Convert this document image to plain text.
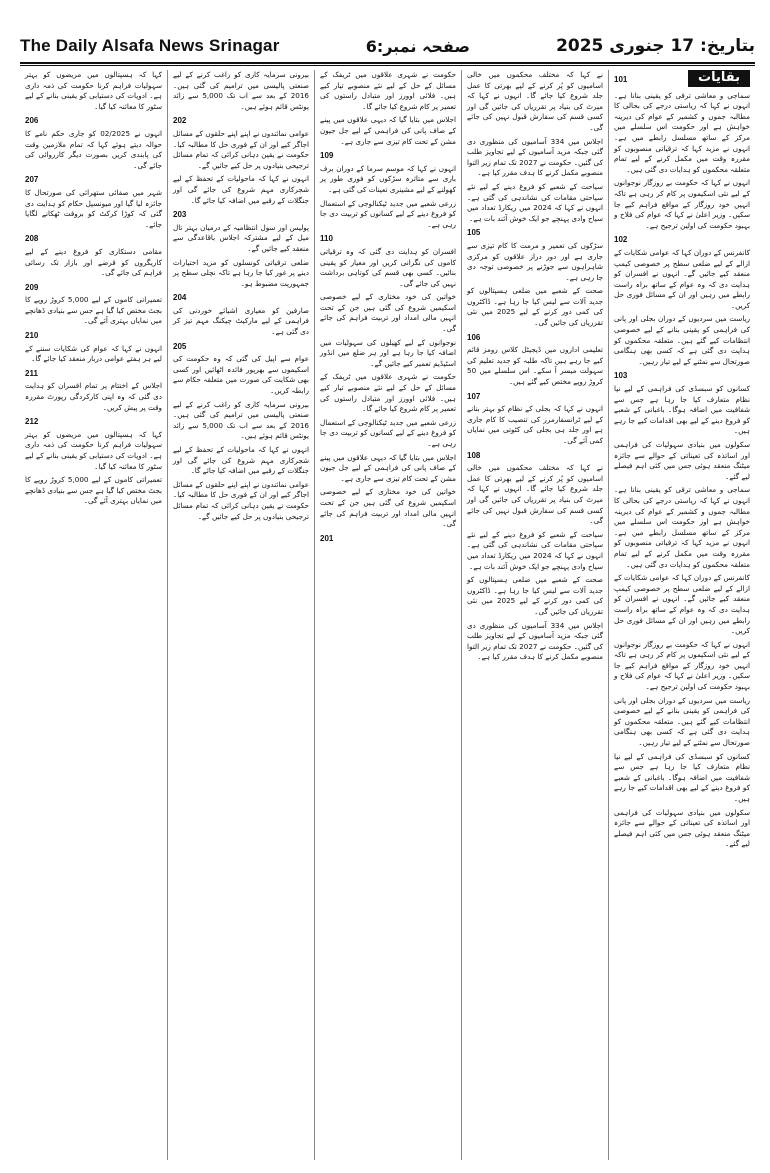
The Daily Alsafa News Srinagar	صفحہ نمبر:6	بتاریخ: 17 جنوری 2025
بقایات
101

سماجی و معاشی ترقی کو یقینی بنانا ہے۔ انہوں نے کہا کہ ریاستی درجے کی بحالی کا مطالبہ جموں و کشمیر کے عوام کی دیرینہ خواہش ہے اور حکومت اس سلسلے میں مرکز کے ساتھ مسلسل رابطے میں ہے۔ انہوں نے مزید کہا کہ ترقیاتی منصوبوں کو مقررہ وقت میں مکمل کرنے کے لیے تمام متعلقہ محکموں کو ہدایات دی گئی ہیں۔

انہوں نے کہا کہ حکومت بے روزگار نوجوانوں کے لیے نئی اسکیموں پر کام کر رہی ہے تاکہ انہیں خود روزگار کے مواقع فراہم کیے جا سکیں۔ وزیر اعلیٰ نے کہا کہ عوام کی فلاح و بہبود حکومت کی اولین ترجیح ہے۔

102

کانفرنس کے دوران کہا کہ عوامی شکایات کے ازالے کے لیے ضلعی سطح پر خصوصی کیمپ منعقد کیے جائیں گے۔ انہوں نے افسران کو ہدایت دی کہ وہ عوام کے ساتھ براہ راست رابطے میں رہیں اور ان کے مسائل فوری حل کریں۔

ریاست میں سردیوں کے دوران بجلی اور پانی کی فراہمی کو یقینی بنانے کے لیے خصوصی انتظامات کیے گئے ہیں۔ متعلقہ محکموں کو ہدایت دی گئی ہے کہ کسی بھی ہنگامی صورتحال سے نمٹنے کے لیے تیار رہیں۔

103

کسانوں کو سبسڈی کی فراہمی کے لیے نیا نظام متعارف کیا جا رہا ہے جس سے شفافیت میں اضافہ ہوگا۔ باغبانی کے شعبے کو فروغ دینے کے لیے بھی اقدامات کیے جا رہے ہیں۔

سکولوں میں بنیادی سہولیات کی فراہمی اور اساتذہ کی تعیناتی کے حوالے سے جائزہ میٹنگ منعقد ہوئی جس میں کئی اہم فیصلے لیے گئے۔

سماجی و معاشی ترقی کو یقینی بنانا ہے۔ انہوں نے کہا کہ ریاستی درجے کی بحالی کا مطالبہ جموں و کشمیر کے عوام کی دیرینہ خواہش ہے اور حکومت اس سلسلے میں مرکز کے ساتھ مسلسل رابطے میں ہے۔ انہوں نے مزید کہا کہ ترقیاتی منصوبوں کو مقررہ وقت میں مکمل کرنے کے لیے تمام متعلقہ محکموں کو ہدایات دی گئی ہیں۔

کانفرنس کے دوران کہا کہ عوامی شکایات کے ازالے کے لیے ضلعی سطح پر خصوصی کیمپ منعقد کیے جائیں گے۔ انہوں نے افسران کو ہدایت دی کہ وہ عوام کے ساتھ براہ راست رابطے میں رہیں اور ان کے مسائل فوری حل کریں۔

انہوں نے کہا کہ حکومت بے روزگار نوجوانوں کے لیے نئی اسکیموں پر کام کر رہی ہے تاکہ انہیں خود روزگار کے مواقع فراہم کیے جا سکیں۔ وزیر اعلیٰ نے کہا کہ عوام کی فلاح و بہبود حکومت کی اولین ترجیح ہے۔

ریاست میں سردیوں کے دوران بجلی اور پانی کی فراہمی کو یقینی بنانے کے لیے خصوصی انتظامات کیے گئے ہیں۔ متعلقہ محکموں کو ہدایت دی گئی ہے کہ کسی بھی ہنگامی صورتحال سے نمٹنے کے لیے تیار رہیں۔

کسانوں کو سبسڈی کی فراہمی کے لیے نیا نظام متعارف کیا جا رہا ہے جس سے شفافیت میں اضافہ ہوگا۔ باغبانی کے شعبے کو فروغ دینے کے لیے بھی اقدامات کیے جا رہے ہیں۔

سکولوں میں بنیادی سہولیات کی فراہمی اور اساتذہ کی تعیناتی کے حوالے سے جائزہ میٹنگ منعقد ہوئی جس میں کئی اہم فیصلے لیے گئے۔

نے کہا کہ مختلف محکموں میں خالی اسامیوں کو پُر کرنے کے لیے بھرتی کا عمل جلد شروع کیا جائے گا۔ انہوں نے کہا کہ میرٹ کی بنیاد پر تقرریاں کی جائیں گی اور کسی قسم کی سفارش قبول نہیں کی جائے گی۔

اجلاس میں 334 آسامیوں کی منظوری دی گئی جبکہ مزید آسامیوں کے لیے تجاویز طلب کی گئیں۔ حکومت نے 2027 تک تمام زیر التوا منصوبے مکمل کرنے کا ہدف مقرر کیا ہے۔

سیاحت کے شعبے کو فروغ دینے کے لیے نئے سیاحتی مقامات کی نشاندہی کی گئی ہے۔ انہوں نے کہا کہ 2024 میں ریکارڈ تعداد میں سیاح وادی پہنچے جو ایک خوش آئند بات ہے۔

105

سڑکوں کی تعمیر و مرمت کا کام تیزی سے جاری ہے اور دور دراز علاقوں کو مرکزی شاہراہوں سے جوڑنے پر خصوصی توجہ دی جا رہی ہے۔

صحت کے شعبے میں ضلعی ہسپتالوں کو جدید آلات سے لیس کیا جا رہا ہے۔ ڈاکٹروں کی کمی دور کرنے کے لیے 2025 میں نئی تقرریاں کی جائیں گی۔

106

تعلیمی اداروں میں ڈیجیٹل کلاس رومز قائم کیے جا رہے ہیں تاکہ طلبہ کو جدید تعلیم کی سہولت میسر آ سکے۔ اس سلسلے میں 50 کروڑ روپے مختص کیے گئے ہیں۔

107

انہوں نے کہا کہ بجلی کے نظام کو بہتر بنانے کے لیے ٹرانسفارمرز کی تنصیب کا کام جاری ہے اور جلد ہی بجلی کی کٹوتی میں نمایاں کمی آئے گی۔

108

نے کہا کہ مختلف محکموں میں خالی اسامیوں کو پُر کرنے کے لیے بھرتی کا عمل جلد شروع کیا جائے گا۔ انہوں نے کہا کہ میرٹ کی بنیاد پر تقرریاں کی جائیں گی اور کسی قسم کی سفارش قبول نہیں کی جائے گی۔

سیاحت کے شعبے کو فروغ دینے کے لیے نئے سیاحتی مقامات کی نشاندہی کی گئی ہے۔ انہوں نے کہا کہ 2024 میں ریکارڈ تعداد میں سیاح وادی پہنچے جو ایک خوش آئند بات ہے۔

صحت کے شعبے میں ضلعی ہسپتالوں کو جدید آلات سے لیس کیا جا رہا ہے۔ ڈاکٹروں کی کمی دور کرنے کے لیے 2025 میں نئی تقرریاں کی جائیں گی۔

اجلاس میں 334 آسامیوں کی منظوری دی گئی جبکہ مزید آسامیوں کے لیے تجاویز طلب کی گئیں۔ حکومت نے 2027 تک تمام زیر التوا منصوبے مکمل کرنے کا ہدف مقرر کیا ہے۔

حکومت نے شہری علاقوں میں ٹریفک کے مسائل کے حل کے لیے نئے منصوبے تیار کیے ہیں۔ فلائی اوورز اور متبادل راستوں کی تعمیر پر کام شروع کیا جائے گا۔

اجلاس میں بتایا گیا کہ دیہی علاقوں میں پینے کے صاف پانی کی فراہمی کے لیے جل جیون مشن کے تحت کام تیزی سے جاری ہے۔

109

انہوں نے کہا کہ موسم سرما کے دوران برف باری سے متاثرہ سڑکوں کو فوری طور پر کھولنے کے لیے مشینری تعینات کی گئی ہے۔

زرعی شعبے میں جدید ٹیکنالوجی کے استعمال کو فروغ دینے کے لیے کسانوں کو تربیت دی جا رہی ہے۔

110

افسران کو ہدایت دی گئی کہ وہ ترقیاتی کاموں کی نگرانی کریں اور معیار کو یقینی بنائیں۔ کسی بھی قسم کی کوتاہی برداشت نہیں کی جائے گی۔

خواتین کی خود مختاری کے لیے خصوصی اسکیمیں شروع کی گئی ہیں جن کے تحت انہیں مالی امداد اور تربیت فراہم کی جائے گی۔

نوجوانوں کے لیے کھیلوں کی سہولیات میں اضافہ کیا جا رہا ہے اور ہر ضلع میں انڈور اسٹیڈیم تعمیر کیے جائیں گے۔

حکومت نے شہری علاقوں میں ٹریفک کے مسائل کے حل کے لیے نئے منصوبے تیار کیے ہیں۔ فلائی اوورز اور متبادل راستوں کی تعمیر پر کام شروع کیا جائے گا۔

زرعی شعبے میں جدید ٹیکنالوجی کے استعمال کو فروغ دینے کے لیے کسانوں کو تربیت دی جا رہی ہے۔

اجلاس میں بتایا گیا کہ دیہی علاقوں میں پینے کے صاف پانی کی فراہمی کے لیے جل جیون مشن کے تحت کام تیزی سے جاری ہے۔

خواتین کی خود مختاری کے لیے خصوصی اسکیمیں شروع کی گئی ہیں جن کے تحت انہیں مالی امداد اور تربیت فراہم کی جائے گی۔

201

بیرونی سرمایہ کاری کو راغب کرنے کے لیے صنعتی پالیسی میں ترامیم کی گئی ہیں۔ 2016 کے بعد سے اب تک 5,000 سے زائد یونٹس قائم ہوئے ہیں۔

202

عوامی نمائندوں نے اپنے اپنے حلقوں کے مسائل اجاگر کیے اور ان کے فوری حل کا مطالبہ کیا۔ حکومت نے یقین دہانی کرائی کہ تمام مسائل ترجیحی بنیادوں پر حل کیے جائیں گے۔

انہوں نے کہا کہ ماحولیات کے تحفظ کے لیے شجرکاری مہم شروع کی جائے گی اور جنگلات کے رقبے میں اضافہ کیا جائے گا۔

203

پولیس اور سول انتظامیہ کے درمیان بہتر تال میل کے لیے مشترکہ اجلاس باقاعدگی سے منعقد کیے جائیں گے۔

ضلعی ترقیاتی کونسلوں کو مزید اختیارات دینے پر غور کیا جا رہا ہے تاکہ نچلی سطح پر جمہوریت مضبوط ہو۔

204

صارفین کو معیاری اشیائے خوردنی کی فراہمی کے لیے مارکیٹ چیکنگ مہم تیز کر دی گئی ہے۔

205

عوام سے اپیل کی گئی کہ وہ حکومت کی اسکیموں سے بھرپور فائدہ اٹھائیں اور کسی بھی شکایت کی صورت میں متعلقہ حکام سے رابطہ کریں۔

بیرونی سرمایہ کاری کو راغب کرنے کے لیے صنعتی پالیسی میں ترامیم کی گئی ہیں۔ 2016 کے بعد سے اب تک 5,000 سے زائد یونٹس قائم ہوئے ہیں۔

انہوں نے کہا کہ ماحولیات کے تحفظ کے لیے شجرکاری مہم شروع کی جائے گی اور جنگلات کے رقبے میں اضافہ کیا جائے گا۔

عوامی نمائندوں نے اپنے اپنے حلقوں کے مسائل اجاگر کیے اور ان کے فوری حل کا مطالبہ کیا۔ حکومت نے یقین دہانی کرائی کہ تمام مسائل ترجیحی بنیادوں پر حل کیے جائیں گے۔

کہا کہ ہسپتالوں میں مریضوں کو بہتر سہولیات فراہم کرنا حکومت کی ذمہ داری ہے۔ ادویات کی دستیابی کو یقینی بنانے کے لیے سٹور کا معائنہ کیا گیا۔

206

انہوں نے 02/2025 کو جاری حکم نامے کا حوالہ دیتے ہوئے کہا کہ تمام ملازمین وقت کی پابندی کریں بصورت دیگر کارروائی کی جائے گی۔

207

شہر میں صفائی ستھرائی کی صورتحال کا جائزہ لیا گیا اور میونسپل حکام کو ہدایت دی گئی کہ کوڑا کرکٹ کو بروقت ٹھکانے لگایا جائے۔

208

مقامی دستکاری کو فروغ دینے کے لیے کاریگروں کو قرضے اور بازار تک رسائی فراہم کی جائے گی۔

209

تعمیراتی کاموں کے لیے 5,000 کروڑ روپے کا بجٹ مختص کیا گیا ہے جس سے بنیادی ڈھانچے میں نمایاں بہتری آئے گی۔

210

انہوں نے کہا کہ عوام کی شکایات سننے کے لیے ہر ہفتے عوامی دربار منعقد کیا جائے گا۔

211

اجلاس کے اختتام پر تمام افسران کو ہدایت دی گئی کہ وہ اپنی کارکردگی رپورٹ مقررہ وقت پر پیش کریں۔

212

کہا کہ ہسپتالوں میں مریضوں کو بہتر سہولیات فراہم کرنا حکومت کی ذمہ داری ہے۔ ادویات کی دستیابی کو یقینی بنانے کے لیے سٹور کا معائنہ کیا گیا۔

تعمیراتی کاموں کے لیے 5,000 کروڑ روپے کا بجٹ مختص کیا گیا ہے جس سے بنیادی ڈھانچے میں نمایاں بہتری آئے گی۔
